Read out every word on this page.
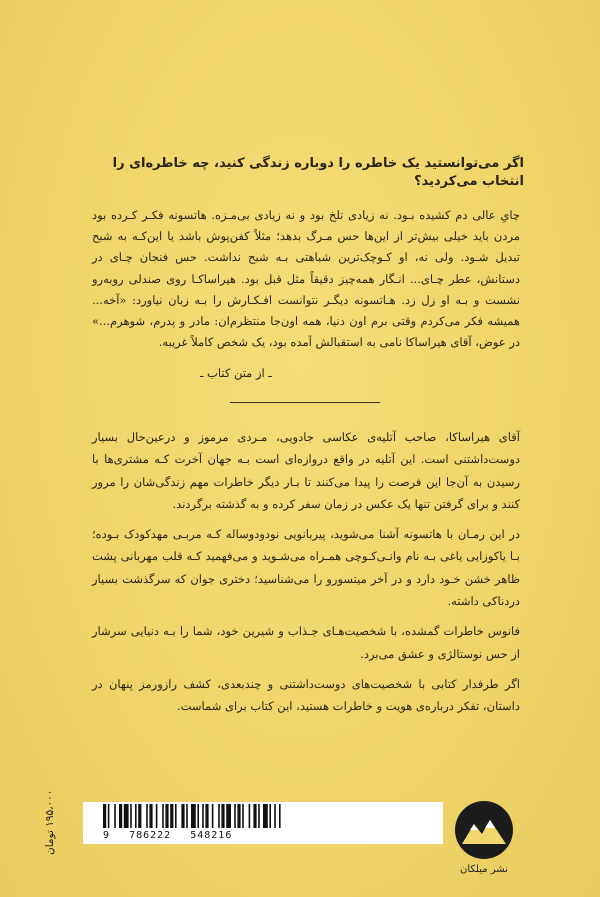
اگر می‌توانستید یک خاطره را دوباره زندگی کنید، چه خاطره‌ای را انتخاب می‌کردید؟

چایِ عالی دم کشیده بـود. نه زیادی تلخ بود و نه زیادی بی‌مـزه. هاتسونه فکـر کـرده بود مردن باید خیلی بیش‌تر از این‌ها حس مـرگ بدهد؛ مثلاً کفن‌پوش باشد یا این‌کـه به شبح تبدیل شـود. ولی نه، او کـوچک‌ترین شباهتی بـه شبح نداشت. حس فنجان چـای در دستانش، عطر چـای... انـگار همه‌چیز دقیقاً مثل قبل بود. هیراساکـا روی صندلی روبه‌رو نشست و بـه او زل زد. هـاتسونه دیگـر نتوانست افـکـارش را بـه زبان نیاورد: «آخه... همیشه فکر می‌کردم وقتی برم اون دنیا، همه اون‌جا منتظرم‌ان: مادر و پدرم، شوهرم...» در عوض، آقای هیراساکا نامی به استقبالش آمده بود، یک شخص کاملاً غریبه.

ـ از متن کتاب ـ

آقای هیراساکا، صاحب آتلیه‌ی عکاسی جادویی، مـردی مرموز و درعین‌حال بسیار دوست‌داشتنی است. این آتلیه در واقع دروازه‌ای است بـه جهان آخرت کـه مشتری‌ها با رسیدن به آن‌جا این فرصت را پیدا می‌کنند تا بـار دیگر خاطرات مهم زندگی‌شان را مرور کنند و برای گرفتن تنها یک عکس در زمان سفر کرده و به گذشته برگردند.

در این رمـان با هاتسونه آشنا می‌شوید، پیربانویی نودودوساله کـه مربـی مهدکودک بـوده؛ بـا یاکوزایی یاغی بـه نام وانـی‌کـوچی همـراه می‌شـوید و می‌فهمید کـه قلب مهربانی پشت ظاهر خشن خـود دارد و در آخر میتسورو را می‌شناسید؛ دختری جوان که سرگذشت بسیار دردناکی داشته.

فانوس خاطرات گمشده، با شخصیت‌هـای جـذاب و شیرین خود، شما را بـه دنیایی سرشار از حس نوستالژی و عشق می‌برد.

اگر طرفدار کتابی با شخصیت‌های دوست‌داشتنی و چندبعدی، کشف رازورمز پنهان در داستان، تفکر درباره‌ی هویت و خاطرات هستید، این کتاب برای شماست.

9 786222 548216
۱۹۵،۰۰۰ تومان
نشر میلکان
